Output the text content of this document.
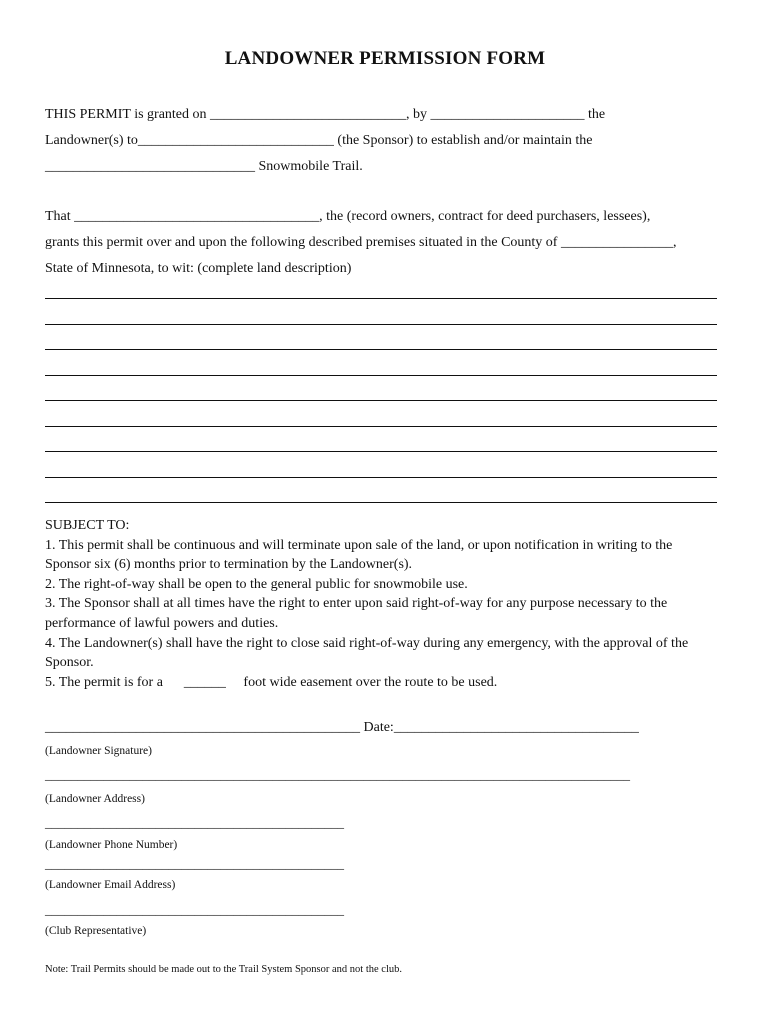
LANDOWNER PERMISSION FORM
THIS PERMIT is granted on ____________________________, by ______________________ the
Landowner(s) to____________________________ (the Sponsor) to establish and/or maintain the
______________________________ Snowmobile Trail.
That ___________________________________, the (record owners, contract for deed purchasers, lessees),
grants this permit over and upon the following described premises situated in the County of ________________,
State of Minnesota, to wit: (complete land description)
SUBJECT TO:
1. This permit shall be continuous and will terminate upon sale of the land, or upon notification in writing to the
Sponsor six (6) months prior to termination by the Landowner(s).
2. The right-of-way shall be open to the general public for snowmobile use.
3. The Sponsor shall at all times have the right to enter upon said right-of-way for any purpose necessary to the
performance of lawful powers and duties.
4. The Landowner(s) shall have the right to close said right-of-way during any emergency, with the approval of the
Sponsor.
5. The permit is for a      ______     foot wide easement over the route to be used.
_____________________________________________ Date:___________________________________
(Landowner Signature)
__________________________________________________________________________________________
(Landowner Address)
______________________________________________
(Landowner Phone Number)
______________________________________________
(Landowner Email Address)
______________________________________________
(Club Representative)
Note: Trail Permits should be made out to the Trail System Sponsor and not the club.
